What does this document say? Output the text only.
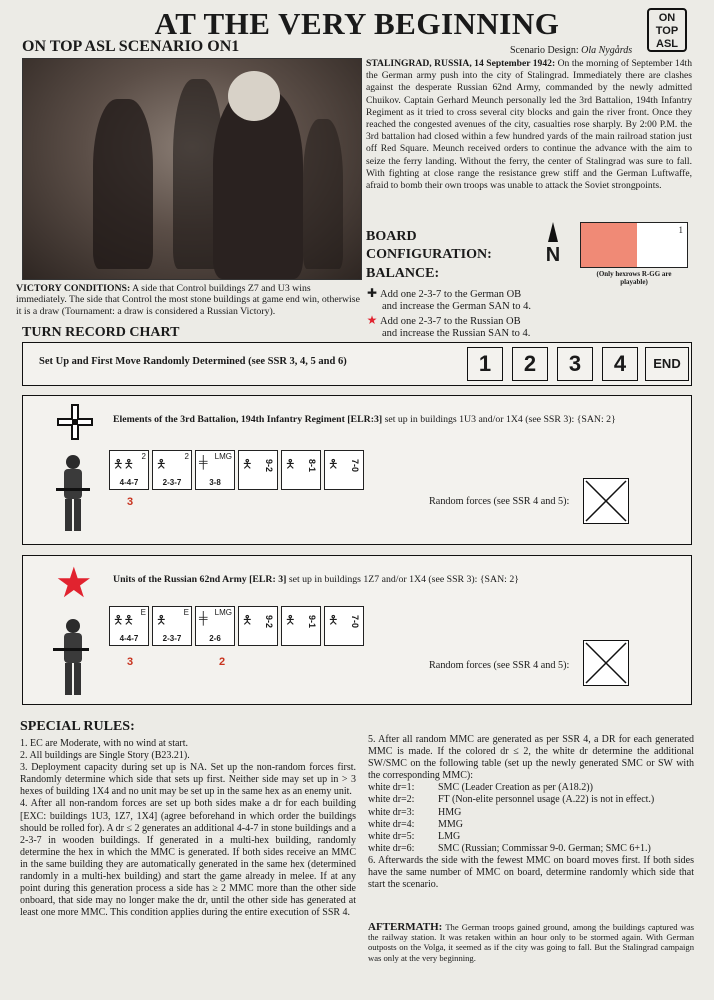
AT THE VERY BEGINNING	ON
TOP
ASL
ON TOP ASL SCENARIO ON1	Scenario Design: Ola Nygårds
STALINGRAD, RUSSIA, 14 September 1942: On the morning of September 14th the German army push into the city of Stalingrad. Immediately there are clashes against the desperate Russian 62nd Army, commanded by the newly admitted Chuikov. Captain Gerhard Meunch personally led the 3rd Battalion, 194th Infantry Regiment as it tried to cross several city blocks and gain the river front. Once they reached the congested avenues of the city, casualties rose sharply. By 2:00 P.M. the 3rd battalion had closed within a few hundred yards of the main railroad station just off Red Square. Meunch received orders to continue the advance with the aim to seize the ferry landing. Without the ferry, the center of Stalingrad was sure to fall. With fighting at close range the resistance grew stiff and the German Luftwaffe, afraid to bomb their own troops was unable to attack the Soviet strongpoints.
BOARD
CONFIGURATION:	N
1
(Only hexrows R-GG are playable)
BALANCE:
✚ Add one 2-3-7 to the German OB
and increase the German SAN to 4.
★ Add one 2-3-7 to the Russian OB
and increase the Russian SAN to 4.
VICTORY CONDITIONS: A side that Control buildings Z7 and U3 wins immediately. The side that Control the most stone buildings at game end win, otherwise it is a draw (Tournament: a draw is considered a Russian Victory).
TURN RECORD CHART
Set Up and First Move Randomly Determined (see SSR 3, 4, 5 and 6)	1	2	3	4	END
Elements of the 3rd Battalion, 194th Infantry Regiment [ELR:3] set up in buildings 1U3 and/or 1X4 (see SSR 3): {SAN: 2}
🯅🯅
2
4-4-7
🯅
2
2-3-7
╪ LMG
3-8
🯅 9-2 🯅 8-1 🯅 7-0
3	Random forces (see SSR 4 and 5):
★ Units of the Russian 62nd Army [ELR: 3] set up in buildings 1Z7 and/or 1X4 (see SSR 3): {SAN: 2}
🯅🯅
E
4-4-7
🯅
E
2-3-7
╪ LMG
2-6
🯅 9-2 🯅 9-1 🯅 7-0
3	2	Random forces (see SSR 4 and 5):
SPECIAL RULES:
1. EC are Moderate, with no wind at start.
2. All buildings are Single Story (B23.21).
3. Deployment capacity during set up is NA. Set up the non-random forces first. Randomly determine which side that sets up first. Neither side may set up in > 3 hexes of building 1X4 and no unit may be set up in the same hex as an enemy unit.
4. After all non-random forces are set up both sides make a dr for each building [EXC: buildings 1U3, 1Z7, 1X4] (agree beforehand in which order the buildings should be rolled for). A dr ≤ 2 generates an additional 4-4-7 in stone buildings and a 2-3-7 in wooden buildings. If generated in a multi-hex building, randomly determine the hex in which the MMC is generated. If both sides receive an MMC in the same building they are automatically generated in the same hex (determined randomly in a multi-hex building) and start the game already in melee. If at any point during this generation process a side has ≥ 2 MMC more than the other side onboard, that side may no longer make the dr, until the other side has generated at least one more MMC. This condition applies during the entire execution of SSR 4.
5. After all random MMC are generated as per SSR 4, a DR for each generated MMC is made. If the colored dr ≤ 2, the white dr determine the additional SW/SMC on the following table (set up the newly generated SMC or SW with the corresponding MMC):
white dr=1:	SMC (Leader Creation as per (A18.2))
white dr=2:	FT (Non-elite personnel usage (A.22) is not in effect.)
white dr=3:	HMG
white dr=4:	MMG
white dr=5:	LMG
white dr=6:	SMC (Russian; Commissar 9-0. German; SMC 6+1.)
6. Afterwards the side with the fewest MMC on board moves first. If both sides have the same number of MMC on board, determine randomly which side that start the scenario.
AFTERMATH: The German troops gained ground, among the buildings captured was the railway station. It was retaken within an hour only to be stormed again. With German outposts on the Volga, it seemed as if the city was going to fall. But the Stalingrad campaign was only at the very beginning.
